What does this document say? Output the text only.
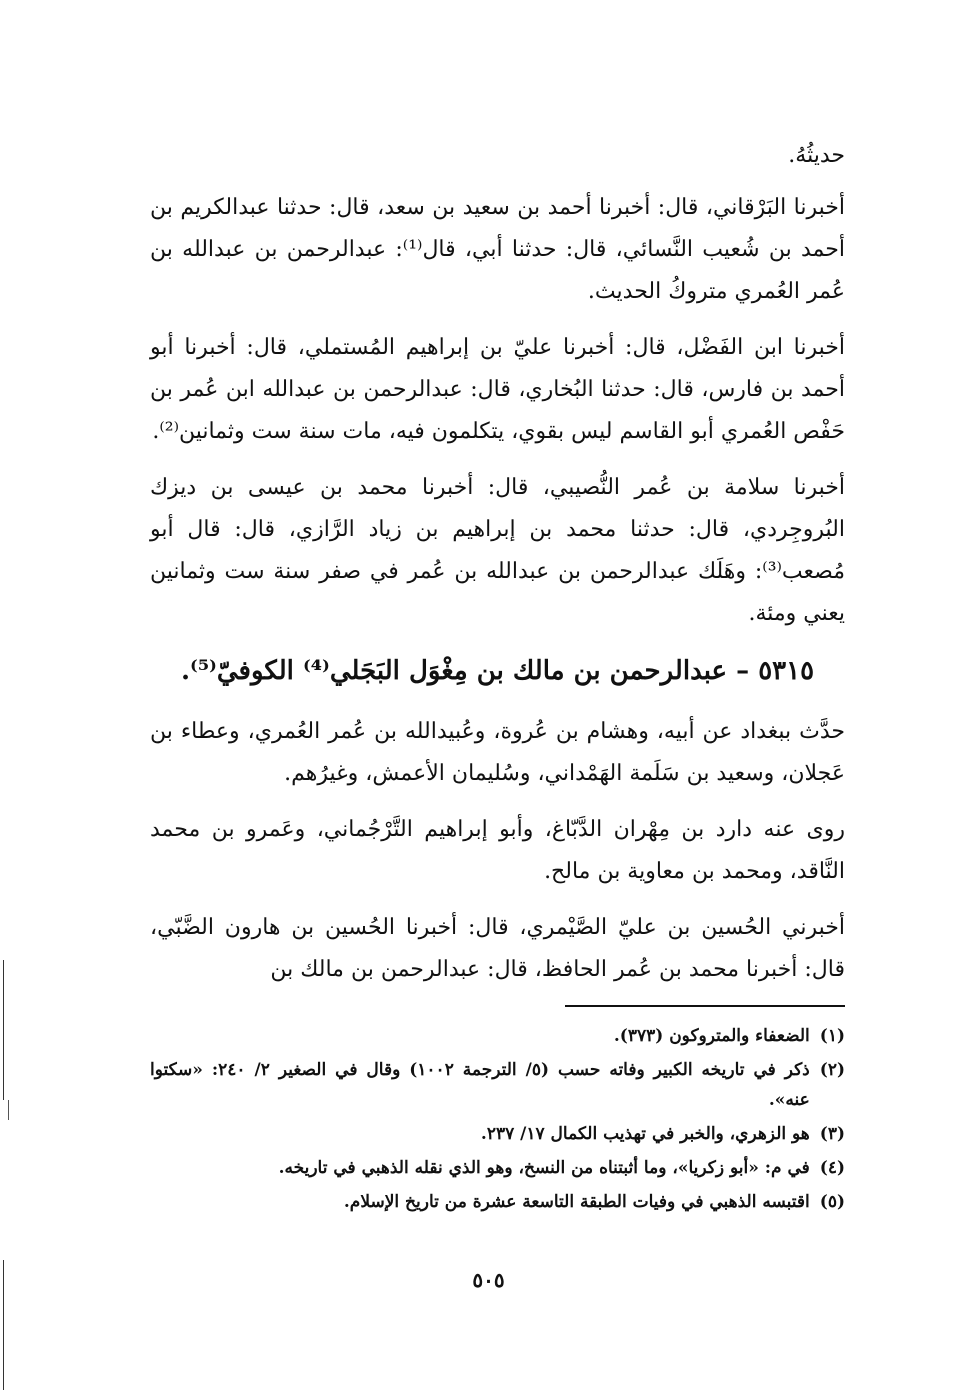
حديثُهُ.

أخبرنا البَرْقاني، قال: أخبرنا أحمد بن سعيد بن سعد، قال: حدثنا عبدالكريم بن أحمد بن شُعيب النَّسائي، قال: حدثنا أبي، قال⁽¹⁾: عبدالرحمن بن عبدالله بن عُمر العُمري متروكُ الحديث.

أخبرنا ابن الفَضْل، قال: أخبرنا عليّ بن إبراهيم المُستملي، قال: أخبرنا أبو أحمد بن فارس، قال: حدثنا البُخاري، قال: عبدالرحمن بن عبدالله ابن عُمر بن حَفْص العُمري أبو القاسم ليس بقوي، يتكلمون فيه، مات سنة ست وثمانين⁽²⁾.

أخبرنا سلامة بن عُمر النُّصيبي، قال: أخبرنا محمد بن عيسى بن ديزك البُروجِردي، قال: حدثنا محمد بن إبراهيم بن زياد الرَّازي، قال: قال أبو مُصعب⁽³⁾: وهَلَك عبدالرحمن بن عبدالله بن عُمر في صفر سنة ست وثمانين يعني ومئة.

٥٣١٥ – عبدالرحمن بن مالك بن مِغْوَل البَجَلي⁽⁴⁾ الكوفيّ⁽⁵⁾.

حدَّث ببغداد عن أبيه، وهشام بن عُروة، وعُبيدالله بن عُمر العُمري، وعطاء بن عَجلان، وسعيد بن سَلَمة الهَمْداني، وسُليمان الأعمش، وغيرُهم.

روى عنه دارد بن مِهْران الدَّبّاغ، وأبو إبراهيم التَّرْجُماني، وعَمرو بن محمد النَّاقد، ومحمد بن معاوية بن مالح.

أخبرني الحُسين بن عليّ الصَّيْمري، قال: أخبرنا الحُسين بن هارون الضَّبّي، قال: أخبرنا محمد بن عُمر الحافظ، قال: عبدالرحمن بن مالك بن

(١)
الضعفاء والمتروكون (٣٧٣).
(٢)
ذكر في تاريخه الكبير وفاته حسب (٥/ الترجمة ١٠٠٢) وقال في الصغير ٢/ ٢٤٠: «سكتوا عنه».
(٣)
هو الزهري، والخبر في تهذيب الكمال ١٧/ ٢٣٧.
(٤)
في م: «أبو زكريا»، وما أثبتناه من النسخ، وهو الذي نقله الذهبي في تاريخه.
(٥)
اقتبسه الذهبي في وفيات الطبقة التاسعة عشرة من تاريخ الإسلام.
٥٠٥
